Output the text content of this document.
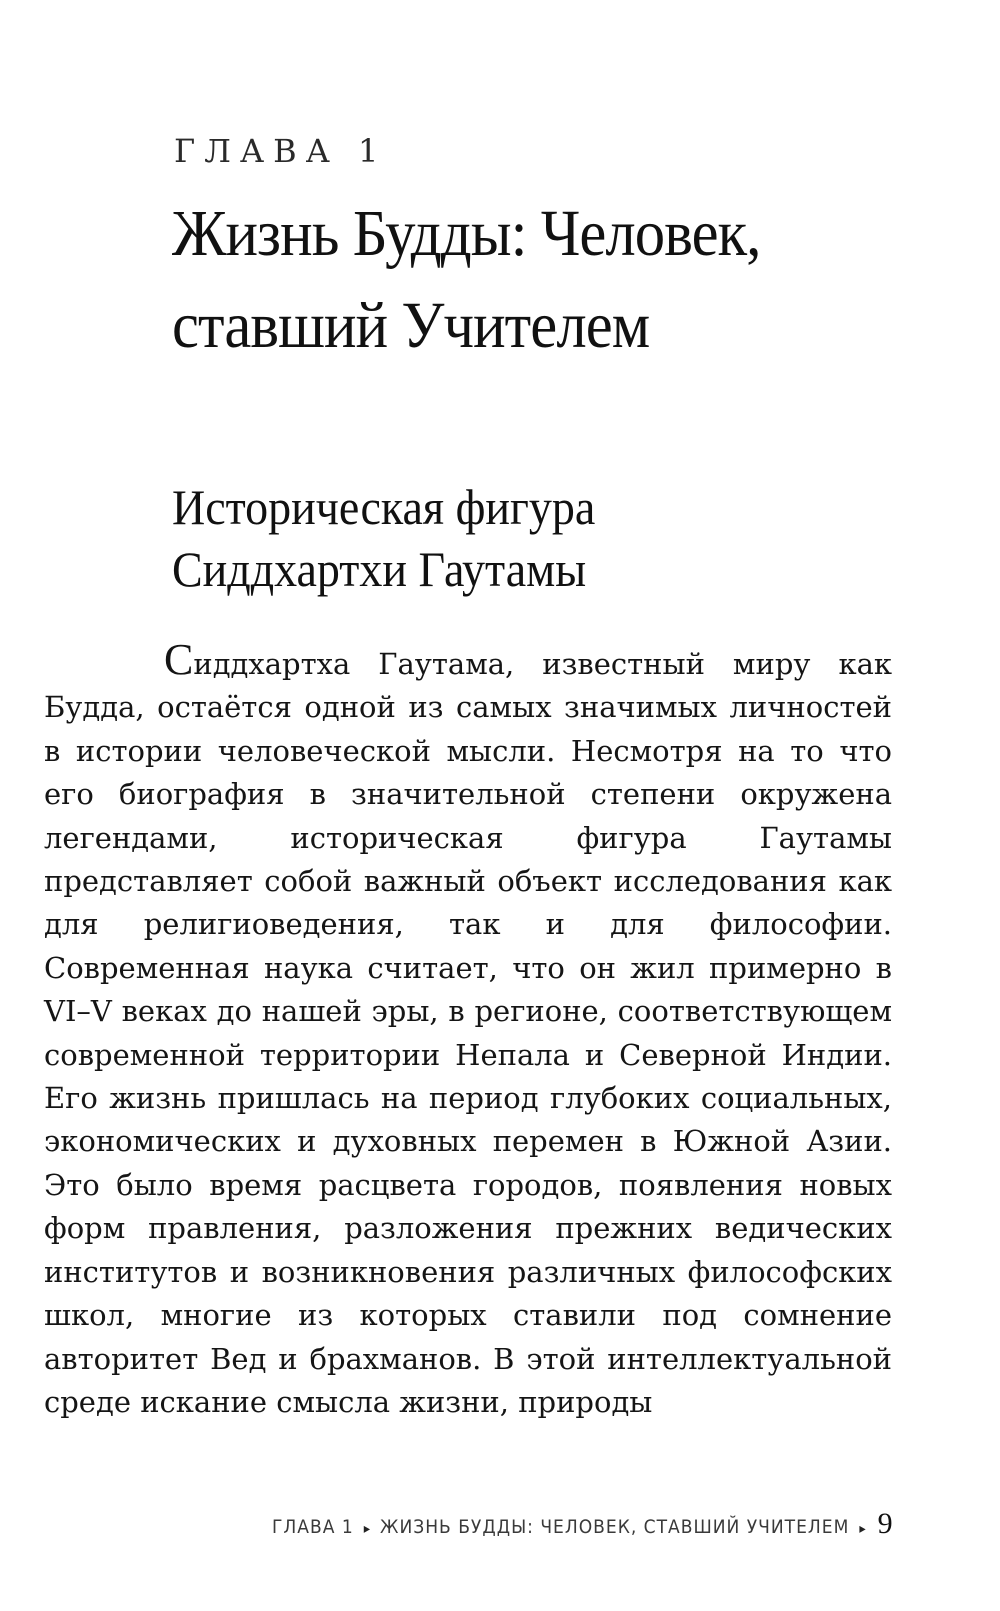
ГЛАВА 1
Жизнь Будды: Человек, ставший Учителем
Историческая фигура Сиддхартхи Гаутамы

Сиддхартха Гаутама, известный миру как Будда, остаётся одной из самых значимых личностей в истории человеческой мысли. Несмотря на то что его биография в значительной степени окружена легендами, историческая фигура Гаутамы представляет собой важный объект исследования как для религиоведения, так и для философии. Современная наука считает, что он жил примерно в VI–V веках до нашей эры, в регионе, соответствующем современной территории Непала и Северной Индии. Его жизнь пришлась на период глубоких социальных, экономических и духовных перемен в Южной Азии. Это было время расцвета городов, появления новых форм правления, разложения прежних ведических институтов и возникновения различных философских школ, многие из которых ставили под сомнение авторитет Вед и брахманов. В этой интеллектуальной среде искание смысла жизни, природы

ГЛАВА 1 ▸ ЖИЗНЬ БУДДЫ: ЧЕЛОВЕК, СТАВШИЙ УЧИТЕЛЕМ ▸ 9
